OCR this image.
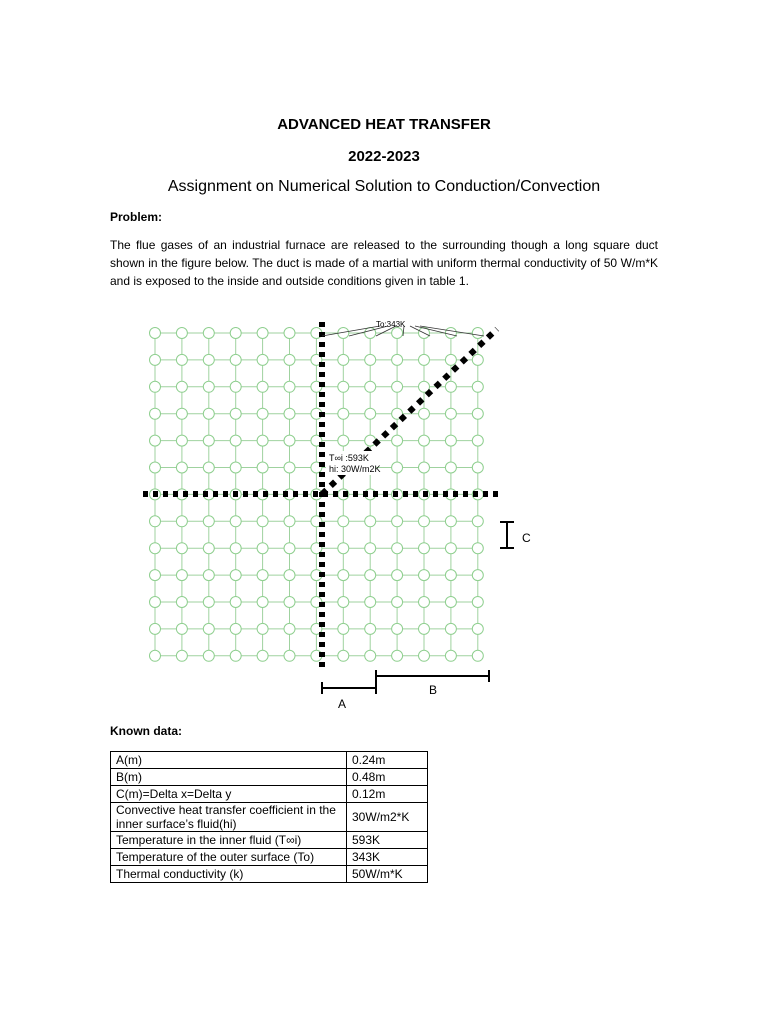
ADVANCED HEAT TRANSFER
2022-2023
Assignment on Numerical Solution to Conduction/Convection
Problem:
The flue gases of an industrial furnace are released to the surrounding though a long square duct shown in the figure below. The duct is made of a martial with uniform thermal conductivity of 50 W/m*K and is exposed to the inside and outside conditions given in table 1.
To:343K
T∞i :593K
hi: 30W/m2K
C
A
B
Known data:
A(m)	0.24m
B(m)	0.48m
C(m)=Delta x=Delta y	0.12m
Convective heat transfer coefficient in the inner surface’s fluid(hi)	30W/m2*K
Temperature in the inner fluid (T∞i)	593K
Temperature of the outer surface (To)	343K
Thermal conductivity (k)	50W/m*K
